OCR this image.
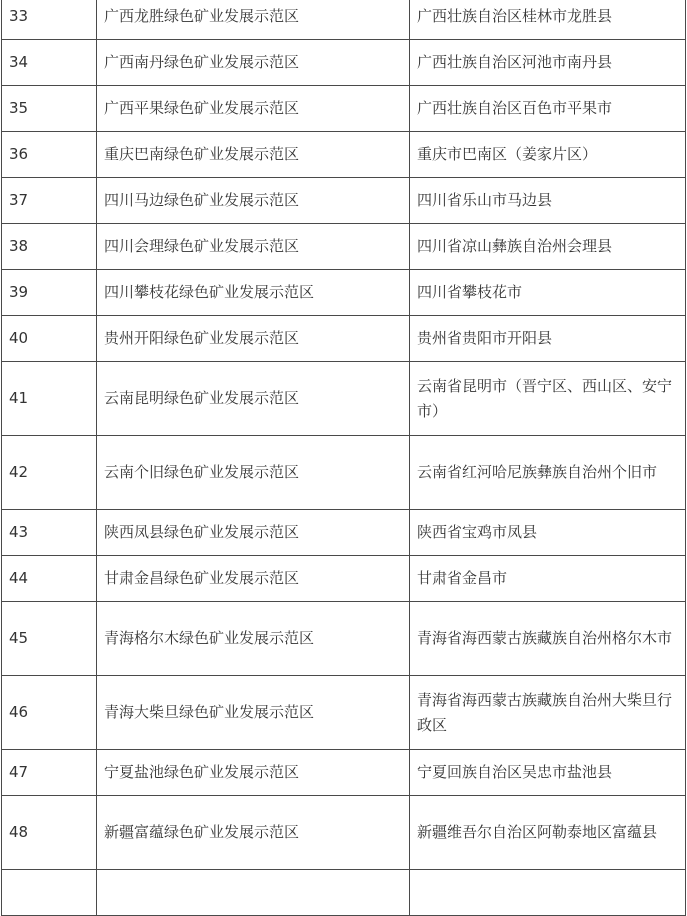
33	广西龙胜绿色矿业发展示范区	广西壮族自治区桂林市龙胜县
34	广西南丹绿色矿业发展示范区	广西壮族自治区河池市南丹县
35	广西平果绿色矿业发展示范区	广西壮族自治区百色市平果市
36	重庆巴南绿色矿业发展示范区	重庆市巴南区（姜家片区）
37	四川马边绿色矿业发展示范区	四川省乐山市马边县
38	四川会理绿色矿业发展示范区	四川省凉山彝族自治州会理县
39	四川攀枝花绿色矿业发展示范区	四川省攀枝花市
40	贵州开阳绿色矿业发展示范区	贵州省贵阳市开阳县
41	云南昆明绿色矿业发展示范区	云南省昆明市（晋宁区、西山区、安宁市）
42	云南个旧绿色矿业发展示范区	云南省红河哈尼族彝族自治州个旧市
43	陕西凤县绿色矿业发展示范区	陕西省宝鸡市凤县
44	甘肃金昌绿色矿业发展示范区	甘肃省金昌市
45	青海格尔木绿色矿业发展示范区	青海省海西蒙古族藏族自治州格尔木市
46	青海大柴旦绿色矿业发展示范区	青海省海西蒙古族藏族自治州大柴旦行政区
47	宁夏盐池绿色矿业发展示范区	宁夏回族自治区吴忠市盐池县
48	新疆富蕴绿色矿业发展示范区	新疆维吾尔自治区阿勒泰地区富蕴县
